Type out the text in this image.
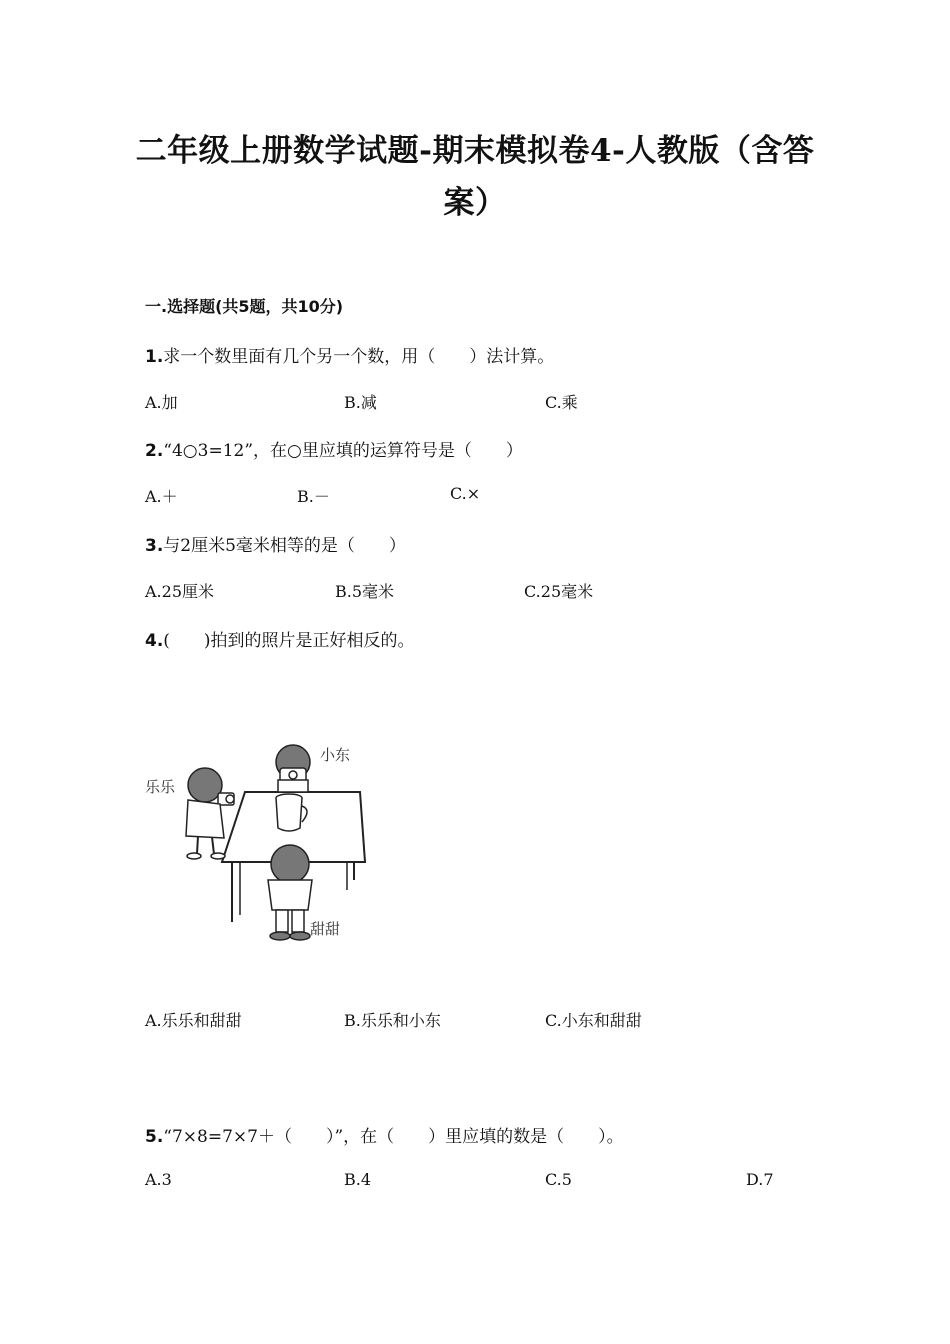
二年级上册数学试题-期末模拟卷4-人教版（含答
案）
一.选择题(共5题，共10分)
1.求一个数里面有几个另一个数，用（　　）法计算。
A.加	B.减	C.乘
2.“4○3=12”，在○里应填的运算符号是（　　）
A.＋	B.－	C.×
3.与2厘米5毫米相等的是（　　）
A.25厘米	B.5毫米	C.25毫米
4.(　　)拍到的照片是正好相反的。
乐乐
小东
甜甜
A.乐乐和甜甜	B.乐乐和小东	C.小东和甜甜
5.“7×8=7×7＋（　　）”，在（　　）里应填的数是（　　）。
A.3	B.4	C.5	D.7
